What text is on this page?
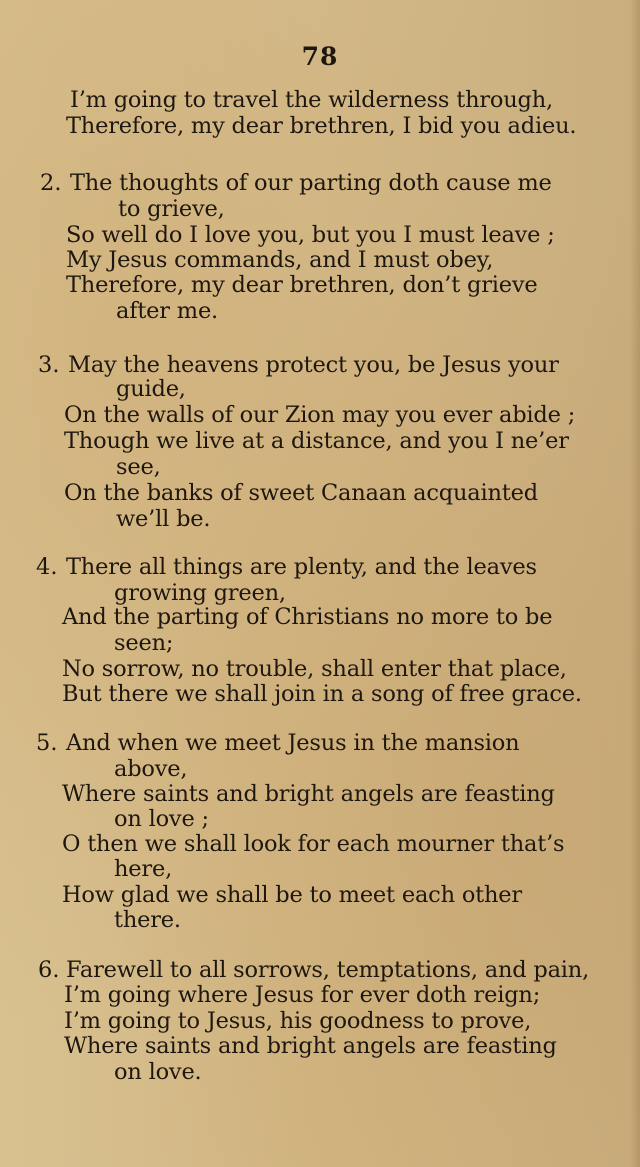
78
I’m going to travel the wilderness through,
Therefore, my dear brethren, I bid you adieu.
2. The thoughts of our parting doth cause me
to grieve,
So well do I love you, but you I must leave ;
My Jesus commands, and I must obey,
Therefore, my dear brethren, don’t grieve
after me.
3. May the heavens protect you, be Jesus your
guide,
On the walls of our Zion may you ever abide ;
Though we live at a distance, and you I ne’er
see,
On the banks of sweet Canaan acquainted
we’ll be.
4. There all things are plenty, and the leaves
growing green,
And the parting of Christians no more to be
seen;
No sorrow, no trouble, shall enter that place,
But there we shall join in a song of free grace.
5. And when we meet Jesus in the mansion
above,
Where saints and bright angels are feasting
on love ;
O then we shall look for each mourner that’s
here,
How glad we shall be to meet each other
there.
6. Farewell to all sorrows, temptations, and pain,
I’m going where Jesus for ever doth reign;
I’m going to Jesus, his goodness to prove,
Where saints and bright angels are feasting
on love.
